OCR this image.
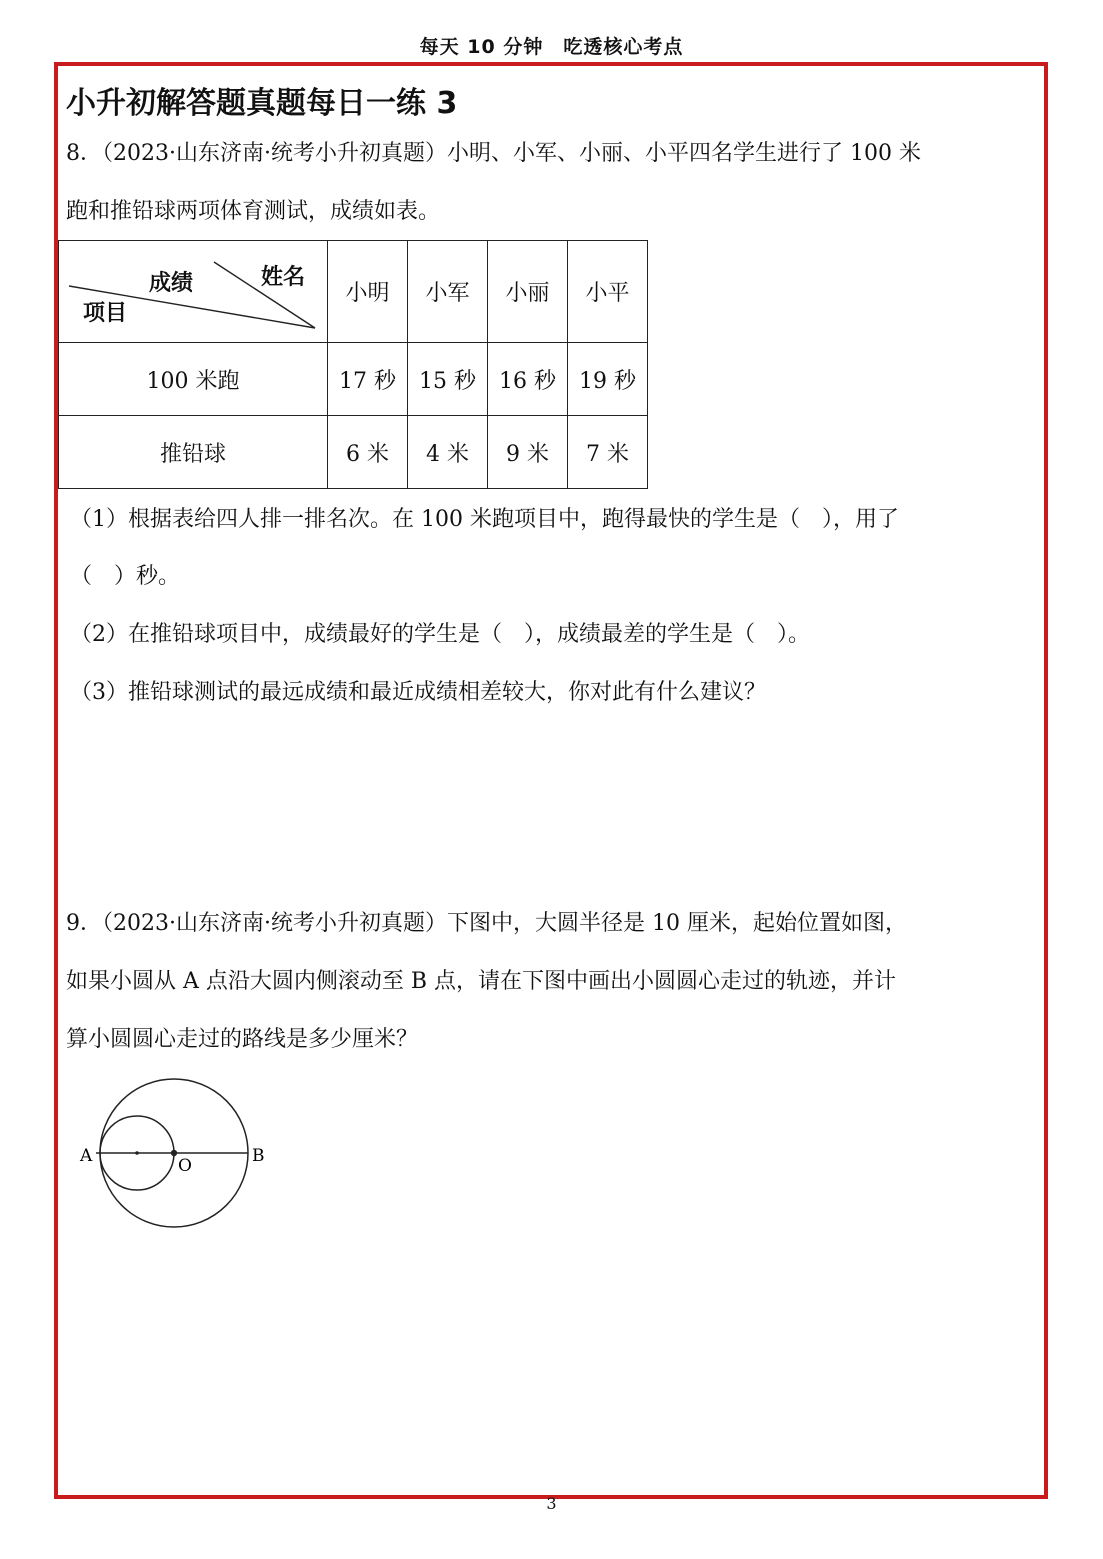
每天 10 分钟　吃透核心考点
小升初解答题真题每日一练 3
8．（2023·山东济南·统考小升初真题）小明、小军、小丽、小平四名学生进行了 100 米
跑和推铅球两项体育测试，成绩如表。
成绩 姓名
项目	小明	小军	小丽	小平
100 米跑	17 秒	15 秒	16 秒	19 秒
推铅球	6 米	4 米	9 米	7 米
（1）根据表给四人排一排名次。在 100 米跑项目中，跑得最快的学生是（　），用了
（　）秒。
（2）在推铅球项目中，成绩最好的学生是（　），成绩最差的学生是（　）。
（3）推铅球测试的最远成绩和最近成绩相差较大，你对此有什么建议？
9．（2023·山东济南·统考小升初真题）下图中，大圆半径是 10 厘米，起始位置如图，
如果小圆从 A 点沿大圆内侧滚动至 B 点，请在下图中画出小圆圆心走过的轨迹，并计
算小圆圆心走过的路线是多少厘米？
A	O	B
3
